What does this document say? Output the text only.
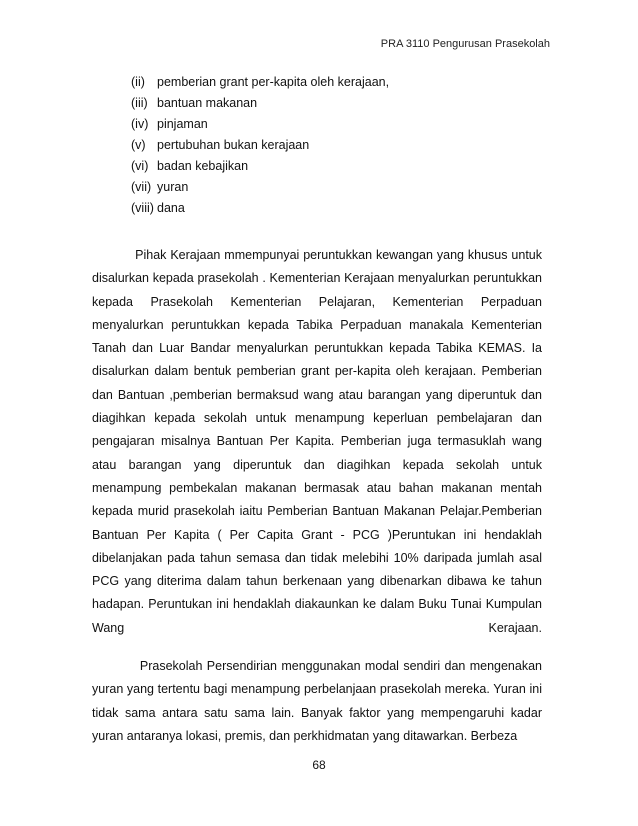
PRA 3110 Pengurusan Prasekolah
(ii) pemberian grant per-kapita oleh kerajaan,
(iii) bantuan makanan
(iv) pinjaman
(v) pertubuhan bukan kerajaan
(vi) badan kebajikan
(vii) yuran
(viii) dana

Pihak Kerajaan mmempunyai peruntukkan kewangan yang khusus untuk disalurkan kepada prasekolah . Kementerian Kerajaan menyalurkan peruntukkan kepada Prasekolah Kementerian Pelajaran, Kementerian Perpaduan menyalurkan peruntukkan kepada Tabika Perpaduan manakala Kementerian Tanah dan Luar Bandar menyalurkan peruntukkan kepada Tabika KEMAS. Ia disalurkan dalam bentuk pemberian grant per-kapita oleh kerajaan. Pemberian dan Bantuan ,pemberian bermaksud wang atau barangan yang diperuntuk dan diagihkan kepada sekolah untuk menampung keperluan pembelajaran dan pengajaran misalnya Bantuan Per Kapita. Pemberian juga termasuklah wang atau barangan yang diperuntuk dan diagihkan kepada sekolah untuk menampung pembekalan makanan bermasak atau bahan makanan mentah kepada murid prasekolah iaitu Pemberian Bantuan Makanan Pelajar.Pemberian Bantuan Per Kapita ( Per Capita Grant - PCG )Peruntukan ini hendaklah dibelanjakan pada tahun semasa dan tidak melebihi 10% daripada jumlah asal PCG yang diterima dalam tahun berkenaan yang dibenarkan dibawa ke tahun hadapan. Peruntukan ini hendaklah diakaunkan ke dalam Buku Tunai Kumpulan Wang Kerajaan.

Prasekolah Persendirian menggunakan modal sendiri dan mengenakan yuran yang tertentu bagi menampung perbelanjaan prasekolah mereka. Yuran ini tidak sama antara satu sama lain. Banyak faktor yang mempengaruhi kadar yuran antaranya lokasi, premis, dan perkhidmatan yang ditawarkan. Berbeza

68
